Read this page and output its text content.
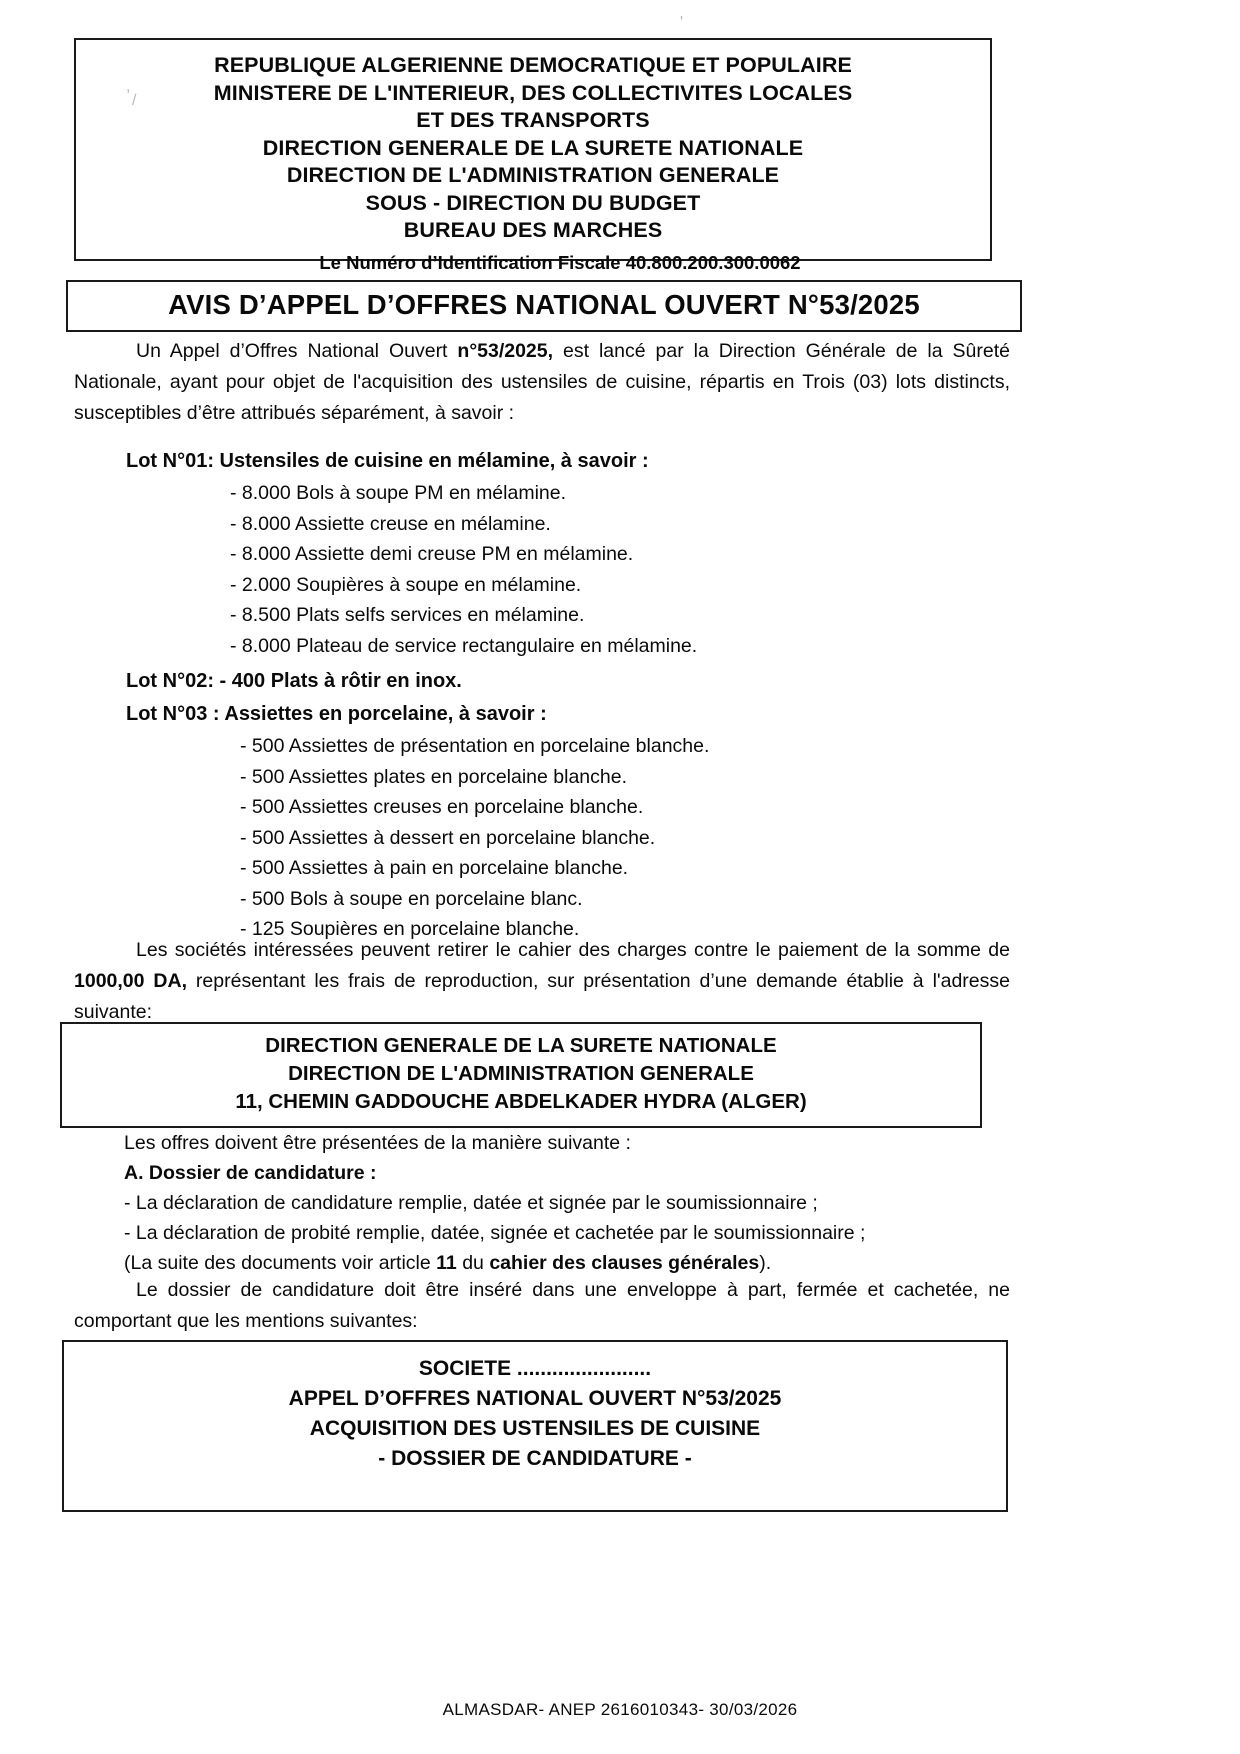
'
,
/
REPUBLIQUE ALGERIENNE DEMOCRATIQUE ET POPULAIRE
MINISTERE DE L'INTERIEUR, DES COLLECTIVITES LOCALES
ET DES TRANSPORTS
DIRECTION GENERALE DE LA SURETE NATIONALE
DIRECTION DE L'ADMINISTRATION GENERALE
SOUS - DIRECTION DU BUDGET
BUREAU DES MARCHES
Le Numéro d’Identification Fiscale 40.800.200.300.0062
AVIS D’APPEL D’OFFRES NATIONAL OUVERT N°53/2025
Un Appel d’Offres National Ouvert n°53/2025, est lancé par la Direction Générale de la Sûreté Nationale, ayant pour objet de l'acquisition des ustensiles de cuisine, répartis en Trois (03) lots distincts, susceptibles d’être attribués séparément, à savoir :
Lot N°01: Ustensiles de cuisine en mélamine, à savoir :
- 8.000 Bols à soupe PM en mélamine.
- 8.000 Assiette creuse en mélamine.
- 8.000 Assiette demi creuse PM en mélamine.
- 2.000 Soupières à soupe en mélamine.
- 8.500 Plats selfs services en mélamine.
- 8.000 Plateau de service rectangulaire en mélamine.
Lot N°02: - 400 Plats à rôtir en inox.
Lot N°03 : Assiettes en porcelaine, à savoir :
- 500 Assiettes de présentation en porcelaine blanche.
- 500 Assiettes plates en porcelaine blanche.
- 500 Assiettes creuses en porcelaine blanche.
- 500 Assiettes à dessert en porcelaine blanche.
- 500 Assiettes à pain en porcelaine blanche.
- 500 Bols à soupe en porcelaine blanc.
- 125 Soupières en porcelaine blanche.
Les sociétés intéressées peuvent retirer le cahier des charges contre le paiement de la somme de 1000,00 DA, représentant les frais de reproduction, sur présentation d’une demande établie à l'adresse suivante:
DIRECTION GENERALE DE LA SURETE NATIONALE
DIRECTION DE L'ADMINISTRATION GENERALE
11, CHEMIN GADDOUCHE ABDELKADER HYDRA (ALGER)
Les offres doivent être présentées de la manière suivante :
A. Dossier de candidature :
- La déclaration de candidature remplie, datée et signée par le soumissionnaire ;
- La déclaration de probité remplie, datée, signée et cachetée par le soumissionnaire ;
(La suite des documents voir article 11 du cahier des clauses générales).
Le dossier de candidature doit être inséré dans une enveloppe à part, fermée et cachetée, ne comportant que les mentions suivantes:
SOCIETE .......................
APPEL D’OFFRES NATIONAL OUVERT N°53/2025
ACQUISITION DES USTENSILES DE CUISINE
- DOSSIER DE CANDIDATURE -
ALMASDAR- ANEP 2616010343- 30/03/2026
